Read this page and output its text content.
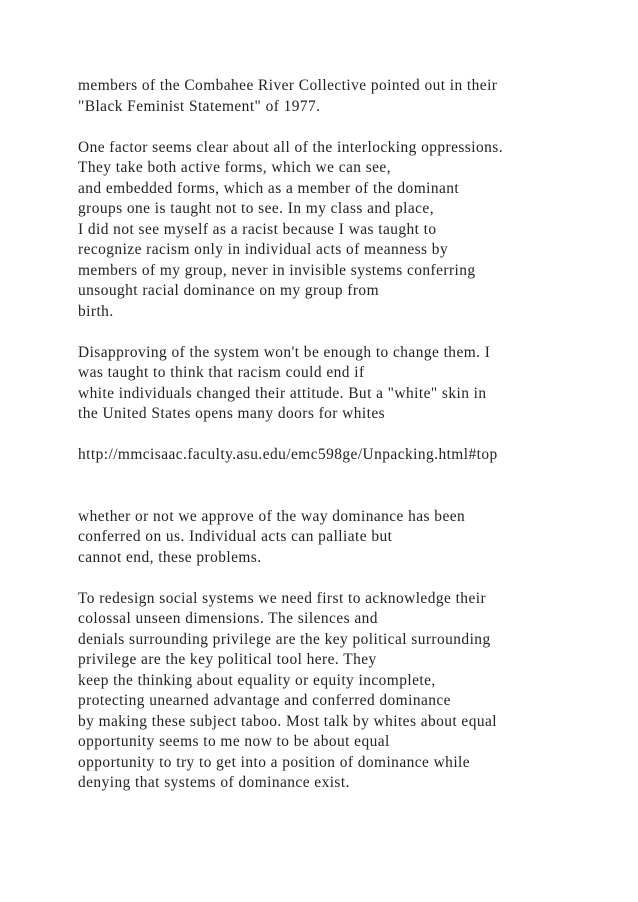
members of the Combahee River Collective pointed out in their
"Black Feminist Statement" of 1977.
One factor seems clear about all of the interlocking oppressions.
They take both active forms, which we can see,
and embedded forms, which as a member of the dominant
groups one is taught not to see. In my class and place,
I did not see myself as a racist because I was taught to
recognize racism only in individual acts of meanness by
members of my group, never in invisible systems conferring
unsought racial dominance on my group from
birth.
Disapproving of the system won't be enough to change them. I
was taught to think that racism could end if
white individuals changed their attitude. But a "white" skin in
the United States opens many doors for whites
http://mmcisaac.faculty.asu.edu/emc598ge/Unpacking.html#top
whether or not we approve of the way dominance has been
conferred on us. Individual acts can palliate but
cannot end, these problems.
To redesign social systems we need first to acknowledge their
colossal unseen dimensions. The silences and
denials surrounding privilege are the key political surrounding
privilege are the key political tool here. They
keep the thinking about equality or equity incomplete,
protecting unearned advantage and conferred dominance
by making these subject taboo. Most talk by whites about equal
opportunity seems to me now to be about equal
opportunity to try to get into a position of dominance while
denying that systems of dominance exist.
